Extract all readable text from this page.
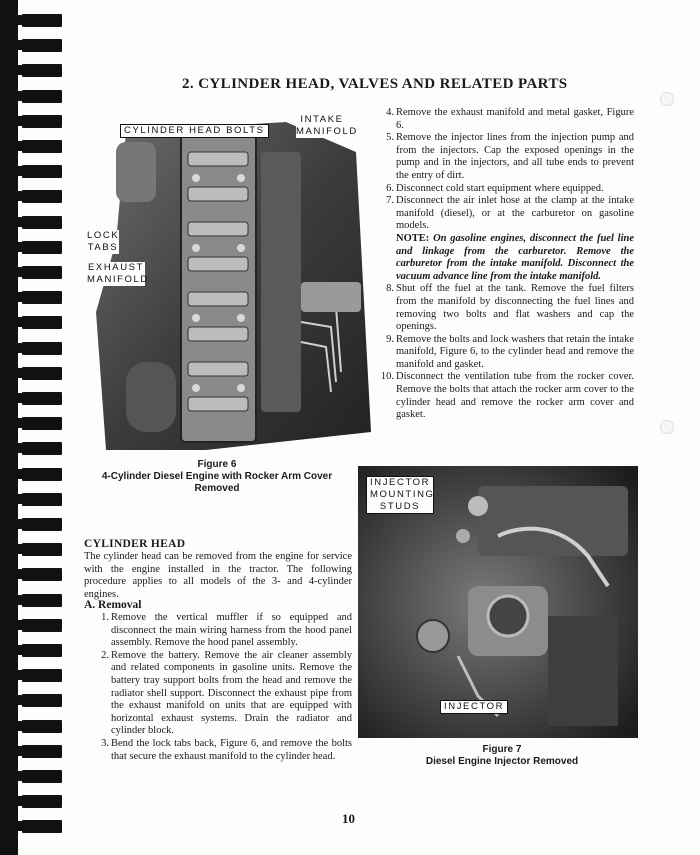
2. CYLINDER HEAD, VALVES AND RELATED PARTS
CYLINDER HEAD BOLTS
INTAKE
MANIFOLD
LOCK
TABS
EXHAUST
MANIFOLD
Figure 6
4-Cylinder Diesel Engine with Rocker Arm Cover
Removed
4. Remove the exhaust manifold and metal gasket, Figure 6.
5. Remove the injector lines from the injection pump and from the injectors. Cap the exposed openings in the pump and in the injectors, and all tube ends to prevent the entry of dirt.
6. Disconnect cold start equipment where equipped.
7. Disconnect the air inlet hose at the clamp at the intake manifold (diesel), or at the carburetor on gasoline models.
NOTE: On gasoline engines, disconnect the fuel line and linkage from the carburetor. Remove the carburetor from the intake manifold. Disconnect the vacuum advance line from the intake manifold.
8. Shut off the fuel at the tank. Remove the fuel filters from the manifold by disconnecting the fuel lines and removing two bolts and flat washers and cap the openings.
9. Remove the bolts and lock washers that retain the intake manifold, Figure 6, to the cylinder head and remove the manifold and gasket.
10. Disconnect the ventilation tube from the rocker cover. Remove the bolts that attach the rocker arm cover to the cylinder head and remove the rocker arm cover and gasket.
INJECTOR
MOUNTING
STUDS
INJECTOR
Figure 7
Diesel Engine Injector Removed
CYLINDER HEAD
The cylinder head can be removed from the engine for service with the engine installed in the tractor. The following procedure applies to all models of the 3- and 4-cylinder engines.
A. Removal
1. Remove the vertical muffler if so equipped and disconnect the main wiring harness from the hood panel assembly. Remove the hood panel assembly.
2. Remove the battery. Remove the air cleaner assembly and related components in gasoline units. Remove the battery tray support bolts from the head and remove the radiator shell support. Disconnect the exhaust pipe from the exhaust manifold on units that are equipped with horizontal exhaust systems. Drain the radiator and cylinder block.
3. Bend the lock tabs back, Figure 6, and remove the bolts that secure the exhaust manifold to the cylinder head.
10
